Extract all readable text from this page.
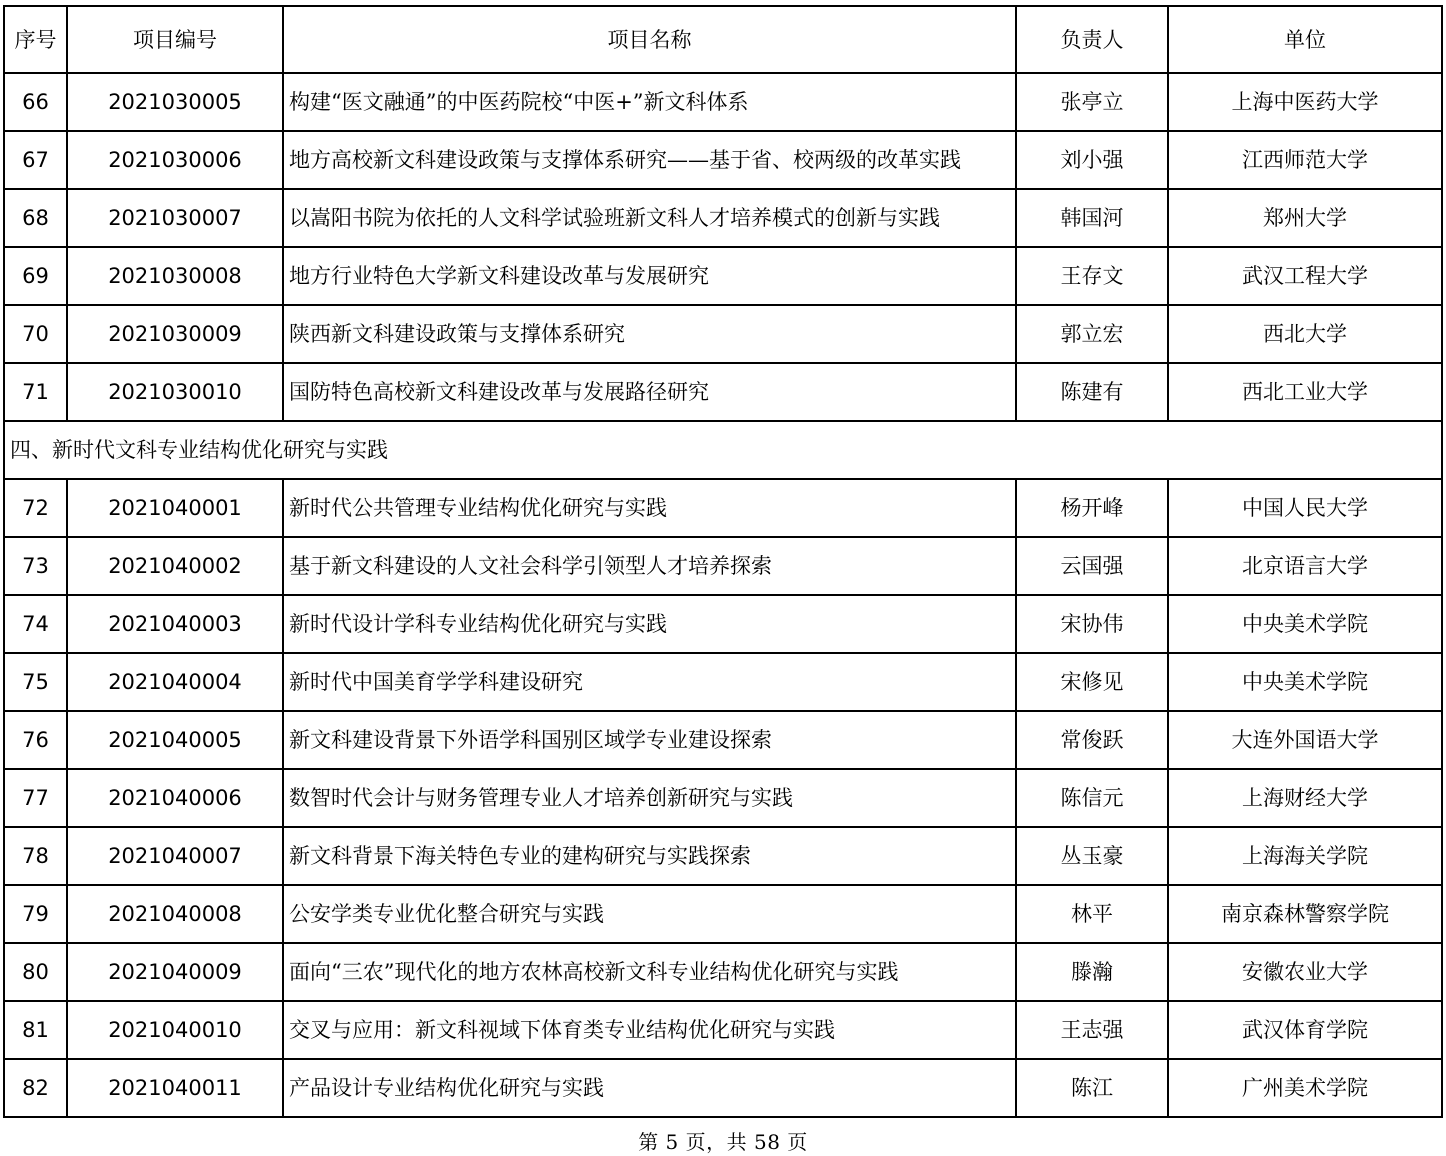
序号	项目编号	项目名称	负责人	单位
66	2021030005	构建“医文融通”的中医药院校“中医+”新文科体系	张亭立	上海中医药大学
67	2021030006	地方高校新文科建设政策与支撑体系研究——基于省、校两级的改革实践	刘小强	江西师范大学
68	2021030007	以嵩阳书院为依托的人文科学试验班新文科人才培养模式的创新与实践	韩国河	郑州大学
69	2021030008	地方行业特色大学新文科建设改革与发展研究	王存文	武汉工程大学
70	2021030009	陕西新文科建设政策与支撑体系研究	郭立宏	西北大学
71	2021030010	国防特色高校新文科建设改革与发展路径研究	陈建有	西北工业大学
四、新时代文科专业结构优化研究与实践				
72	2021040001	新时代公共管理专业结构优化研究与实践	杨开峰	中国人民大学
73	2021040002	基于新文科建设的人文社会科学引领型人才培养探索	云国强	北京语言大学
74	2021040003	新时代设计学科专业结构优化研究与实践	宋协伟	中央美术学院
75	2021040004	新时代中国美育学学科建设研究	宋修见	中央美术学院
76	2021040005	新文科建设背景下外语学科国别区域学专业建设探索	常俊跃	大连外国语大学
77	2021040006	数智时代会计与财务管理专业人才培养创新研究与实践	陈信元	上海财经大学
78	2021040007	新文科背景下海关特色专业的建构研究与实践探索	丛玉豪	上海海关学院
79	2021040008	公安学类专业优化整合研究与实践	林平	南京森林警察学院
80	2021040009	面向“三农”现代化的地方农林高校新文科专业结构优化研究与实践	滕瀚	安徽农业大学
81	2021040010	交叉与应用：新文科视域下体育类专业结构优化研究与实践	王志强	武汉体育学院
82	2021040011	产品设计专业结构优化研究与实践	陈江	广州美术学院
第 5 页，共 58 页
